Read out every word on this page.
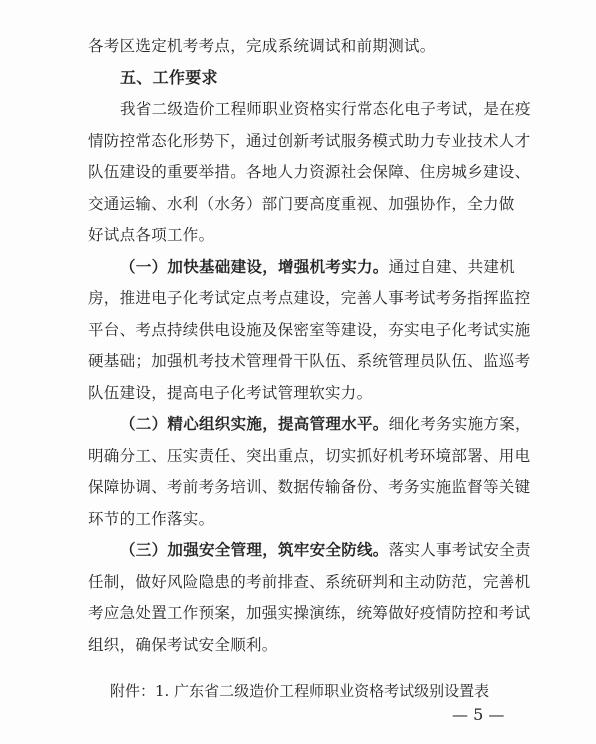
各考区选定机考考点，完成系统调试和前期测试。
五、工作要求
我省二级造价工程师职业资格实行常态化电子考试，是在疫
情防控常态化形势下，通过创新考试服务模式助力专业技术人才
队伍建设的重要举措。各地人力资源社会保障、住房城乡建设、
交通运输、水利（水务）部门要高度重视、加强协作，全力做
好试点各项工作。
（一）加快基础建设，增强机考实力。通过自建、共建机
房，推进电子化考试定点考点建设，完善人事考试考务指挥监控
平台、考点持续供电设施及保密室等建设，夯实电子化考试实施
硬基础；加强机考技术管理骨干队伍、系统管理员队伍、监巡考
队伍建设，提高电子化考试管理软实力。
（二）精心组织实施，提高管理水平。细化考务实施方案，
明确分工、压实责任、突出重点，切实抓好机考环境部署、用电
保障协调、考前考务培训、数据传输备份、考务实施监督等关键
环节的工作落实。
（三）加强安全管理，筑牢安全防线。落实人事考试安全责
任制，做好风险隐患的考前排查、系统研判和主动防范，完善机
考应急处置工作预案，加强实操演练，统筹做好疫情防控和考试
组织，确保考试安全顺利。
附件：1. 广东省二级造价工程师职业资格考试级别设置表
— 5 —
